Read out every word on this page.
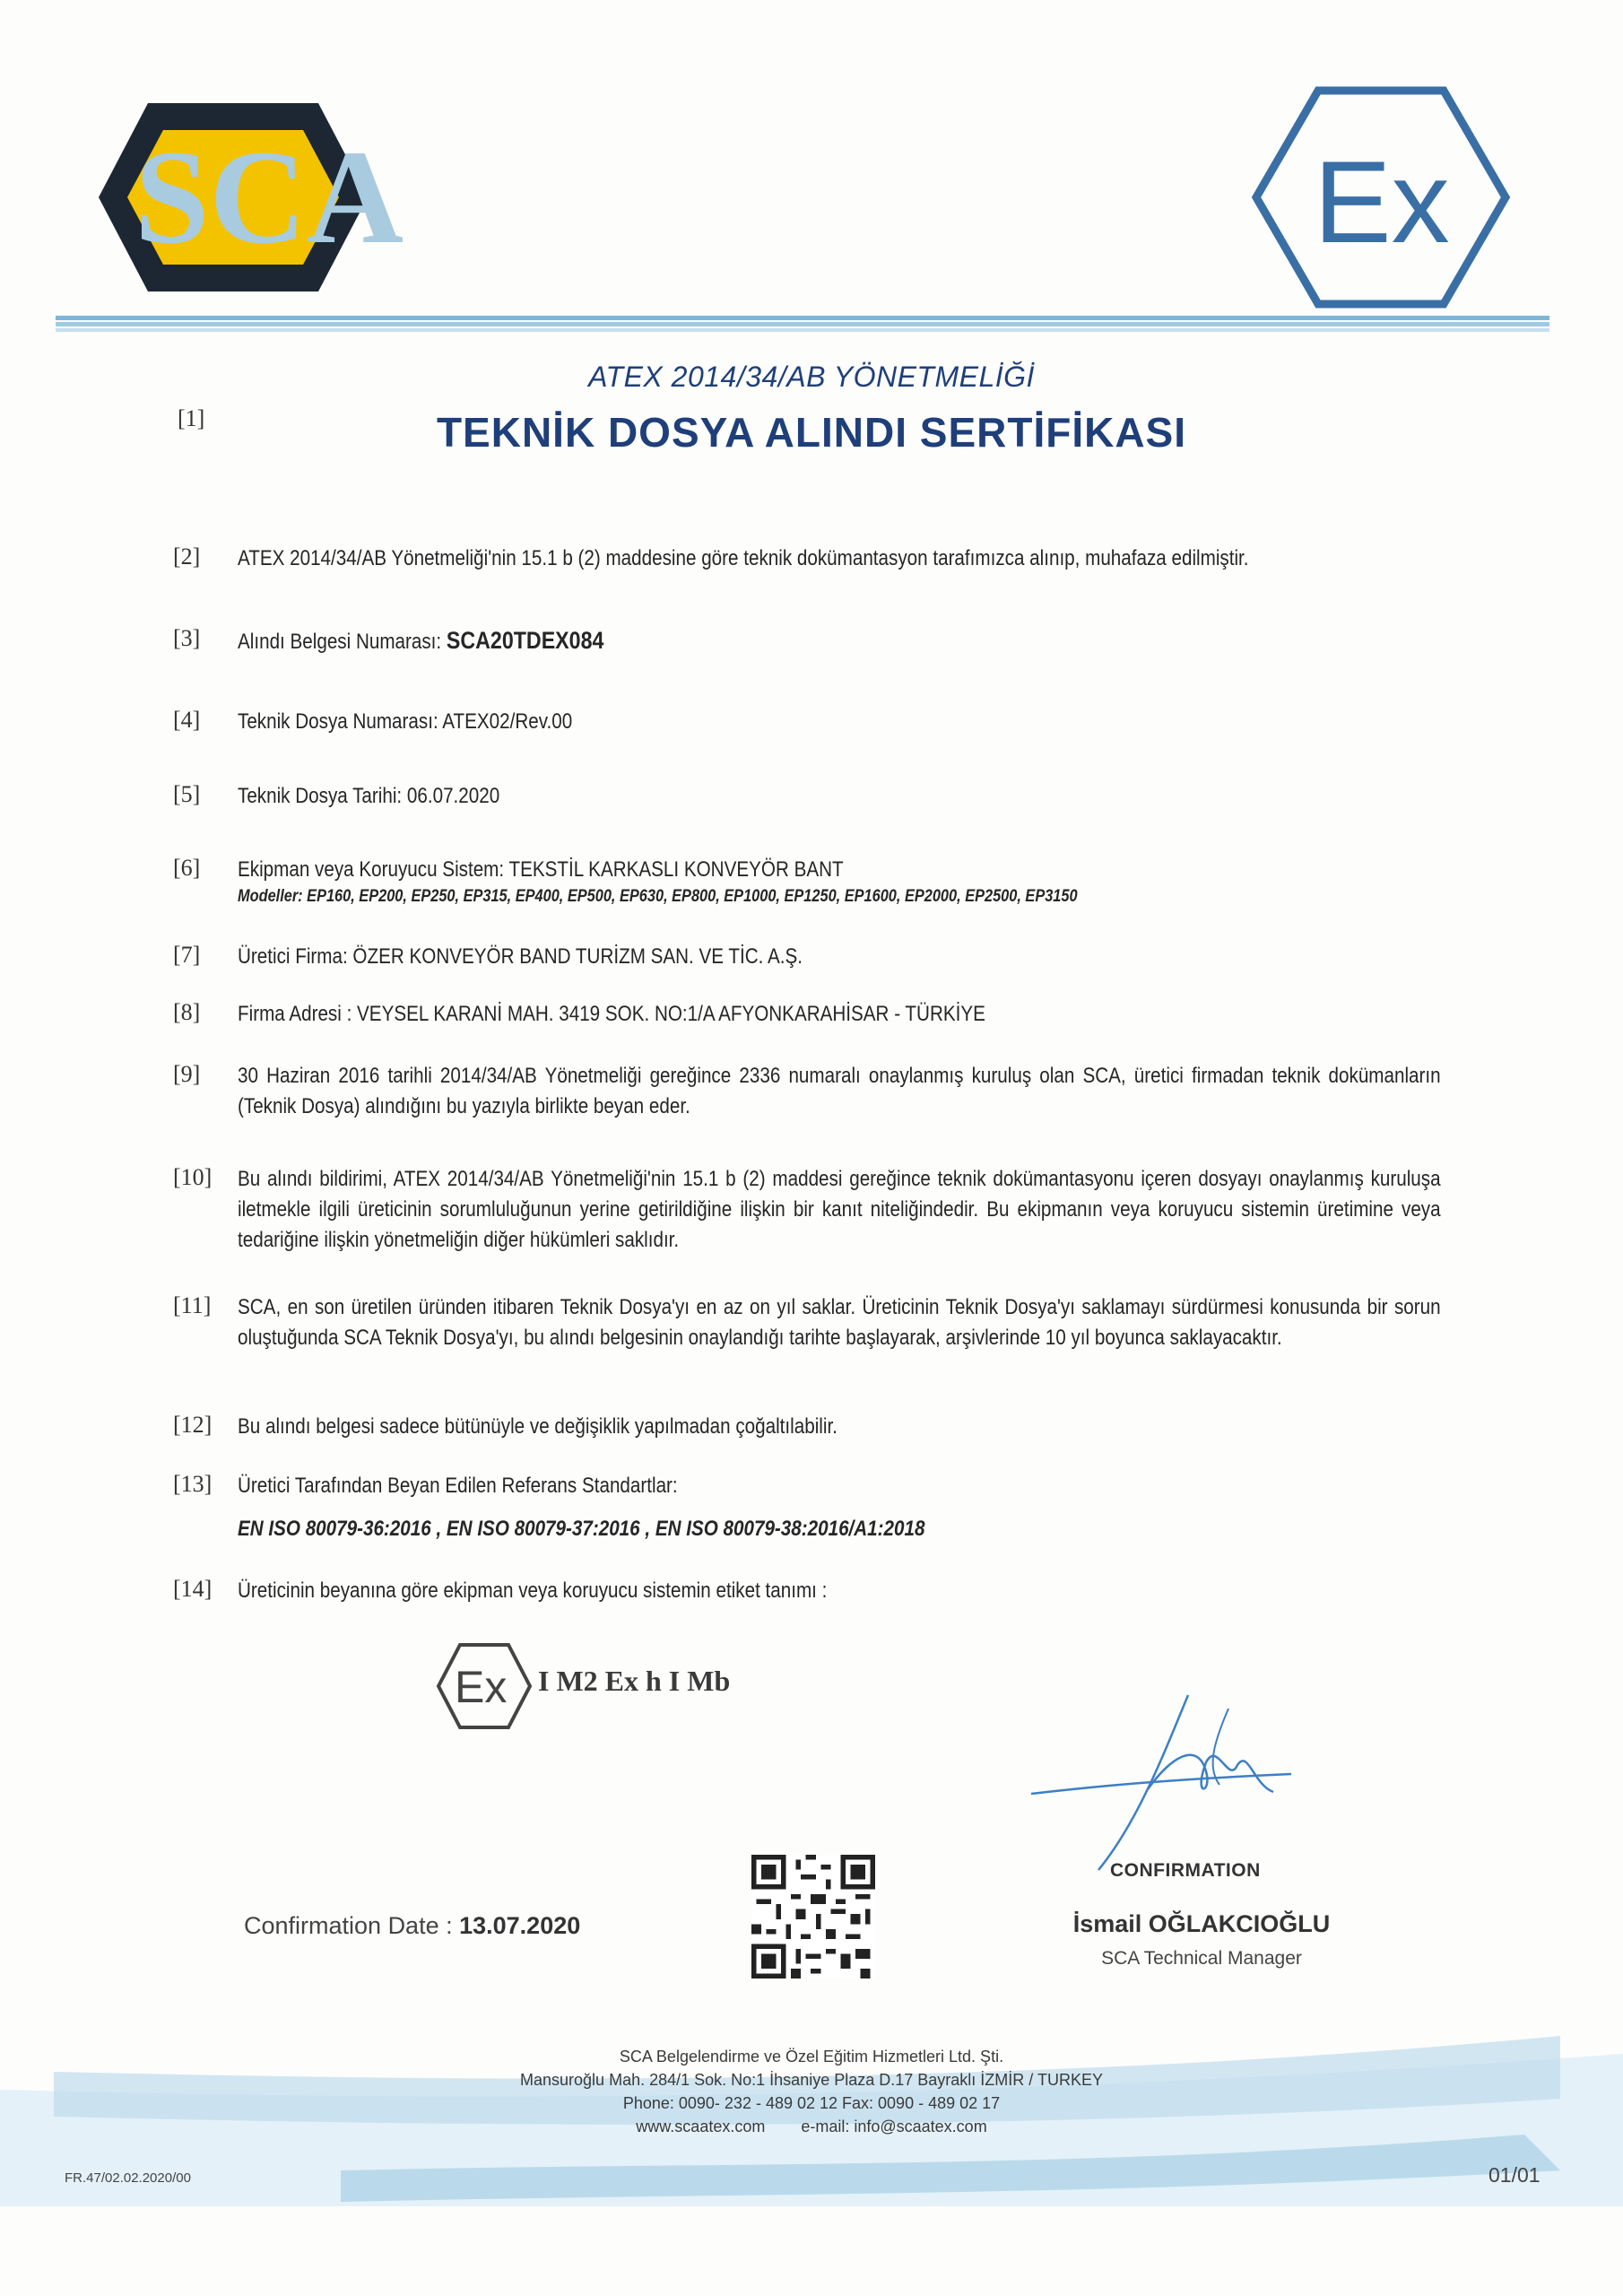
SCA	Ex
ATEX 2014/34/AB YÖNETMELİĞİ
[1]	TEKNİK DOSYA ALINDI SERTİFİKASI
[2]	ATEX 2014/34/AB Yönetmeliği'nin 15.1 b (2) maddesine göre teknik dokümantasyon tarafımızca alınıp, muhafaza edilmiştir.
[3]	Alındı Belgesi Numarası: SCA20TDEX084
[4]	Teknik Dosya Numarası: ATEX02/Rev.00
[5]	Teknik Dosya Tarihi: 06.07.2020
[6]	Ekipman veya Koruyucu Sistem: TEKSTİL KARKASLI KONVEYÖR BANT
Modeller: EP160, EP200, EP250, EP315, EP400, EP500, EP630, EP800, EP1000, EP1250, EP1600, EP2000, EP2500, EP3150
[7]	Üretici Firma: ÖZER KONVEYÖR BAND TURİZM SAN. VE TİC. A.Ş.
[8]	Firma Adresi : VEYSEL KARANİ MAH. 3419 SOK. NO:1/A AFYONKARAHİSAR - TÜRKİYE
[9]	30 Haziran 2016 tarihli 2014/34/AB Yönetmeliği gereğince 2336 numaralı onaylanmış kuruluş olan SCA, üretici firmadan teknik dokümanların (Teknik Dosya) alındığını bu yazıyla birlikte beyan eder.
[10]	Bu alındı bildirimi, ATEX 2014/34/AB Yönetmeliği'nin 15.1 b (2) maddesi gereğince teknik dokümantasyonu içeren dosyayı onaylanmış kuruluşa iletmekle ilgili üreticinin sorumluluğunun yerine getirildiğine ilişkin bir kanıt niteliğindedir. Bu ekipmanın veya koruyucu sistemin üretimine veya tedariğine ilişkin yönetmeliğin diğer hükümleri saklıdır.
[11]	SCA, en son üretilen üründen itibaren Teknik Dosya'yı en az on yıl saklar. Üreticinin Teknik Dosya'yı saklamayı sürdürmesi konusunda bir sorun oluştuğunda SCA Teknik Dosya'yı, bu alındı belgesinin onaylandığı tarihte başlayarak, arşivlerinde 10 yıl boyunca saklayacaktır.
[12]	Bu alındı belgesi sadece bütünüyle ve değişiklik yapılmadan çoğaltılabilir.
[13]	Üretici Tarafından Beyan Edilen Referans Standartlar:
EN ISO 80079-36:2016 , EN ISO 80079-37:2016 , EN ISO 80079-38:2016/A1:2018
[14]	Üreticinin beyanına göre ekipman veya koruyucu sistemin etiket tanımı :
Ex I M2 Ex h I Mb
Confirmation Date : 13.07.2020
CONFIRMATION
İsmail OĞLAKCIOĞLU
SCA Technical Manager
SCA Belgelendirme ve Özel Eğitim Hizmetleri Ltd. Şti.
Mansuroğlu Mah. 284/1 Sok. No:1 İhsaniye Plaza D.17 Bayraklı İZMİR / TURKEY
Phone: 0090- 232 - 489 02 12 Fax: 0090 - 489 02 17
www.scaatex.com e-mail: info@scaatex.com
FR.47/02.02.2020/00	01/01
